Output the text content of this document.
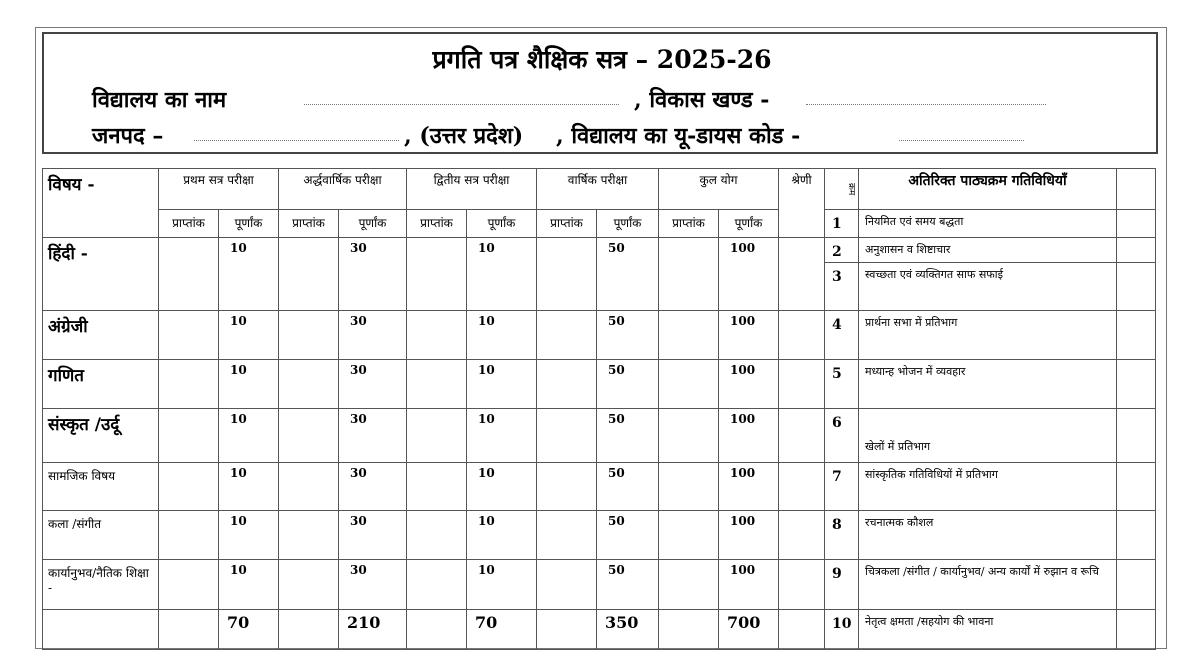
प्रगति पत्र शैक्षिक सत्र – 2025-26
विद्यालय का नाम	, विकास खण्ड -
जनपद –	, (उत्तर प्रदेश) , विद्यालय का यू-डायस कोड -
विषय -	प्रथम सत्र परीक्षा		अर्द्धवार्षिक परीक्षा		द्वितीय सत्र परीक्षा		वार्षिक परीक्षा		कुल योग		श्रेणी	क्रम	अतिरिक्त पाठ्यक्रम गतिविधियाँ	
	प्राप्तांक	पूर्णांक	प्राप्तांक	पूर्णांक	प्राप्तांक	पूर्णांक	प्राप्तांक	पूर्णांक	प्राप्तांक	पूर्णांक		1	नियमित एवं समय बद्धता	
हिंदी -		10		30		10		50		100		2	अनुशासन व शिष्टाचार	
												3	स्वच्छता एवं व्यक्तिगत साफ सफाई	
अंग्रेजी		10		30		10		50		100		4	प्रार्थना सभा में प्रतिभाग	
गणित		10		30		10		50		100		5	मध्यान्ह भोजन में व्यवहार	
संस्कृत /उर्दू		10		30		10		50		100		6	खेलों में प्रतिभाग	
सामजिक विषय		10		30		10		50		100		7	सांस्कृतिक गतिविधियों में प्रतिभाग	
कला /संगीत		10		30		10		50		100		8	रचनात्मक कौशल	
कार्यानुभव/नैतिक शिक्षा -		10		30		10		50		100		9	चित्रकला /संगीत / कार्यानुभव/ अन्य कार्यों में रुझान व रूचि	
		70		210		70		350		700		10	नेतृत्व क्षमता /सहयोग की भावना	
